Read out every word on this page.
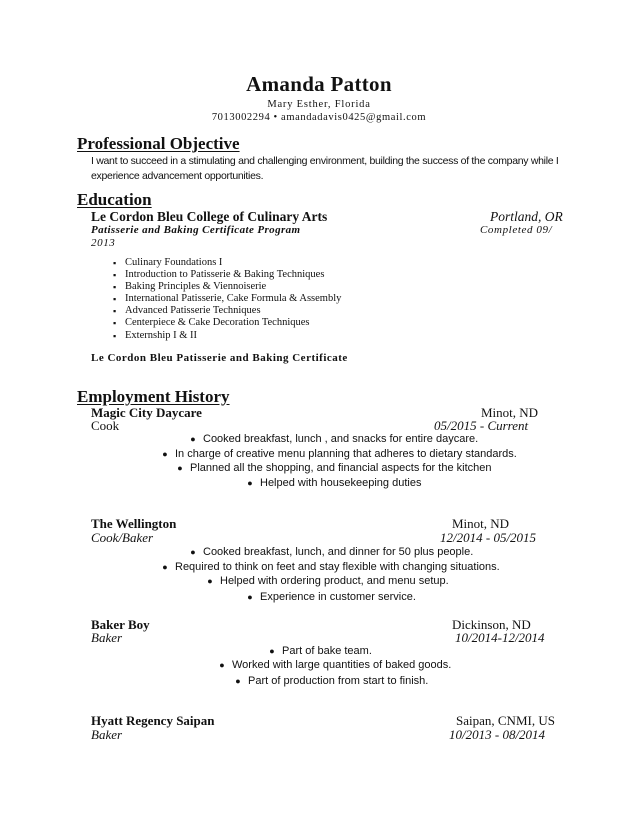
Amanda Patton
Mary Esther, Florida
7013002294 • amandadavis0425@gmail.com
Professional Objective
I want to succeed in a stimulating and challenging environment, building the success of the company while I experience advancement opportunities.
Education
Le Cordon Bleu College of Culinary Arts	Portland, OR
Patisserie and Baking Certificate Program	Completed 09/
2013
▪ Culinary Foundations I
▪ Introduction to Patisserie & Baking Techniques
▪ Baking Principles & Viennoiserie
▪ International Patisserie, Cake Formula & Assembly
▪ Advanced Patisserie Techniques
▪ Centerpiece & Cake Decoration Techniques
▪ Externship I & II
Le Cordon Bleu Patisserie and Baking Certificate
Employment History
Magic City Daycare	Minot, ND
Cook	05/2015 - Current
● Cooked breakfast, lunch , and snacks for entire daycare.
● In charge of creative menu planning that adheres to dietary standards.
● Planned all the shopping, and financial aspects for the kitchen
● Helped with housekeeping duties
The Wellington	Minot, ND
Cook/Baker	12/2014 - 05/2015
● Cooked breakfast, lunch, and dinner for 50 plus people.
● Required to think on feet and stay flexible with changing situations.
● Helped with ordering product, and menu setup.
● Experience in customer service.
Baker Boy	Dickinson, ND
Baker	10/2014-12/2014
● Part of bake team.
● Worked with large quantities of baked goods.
● Part of production from start to finish.
Hyatt Regency Saipan	Saipan, CNMI, US
Baker	10/2013 - 08/2014
